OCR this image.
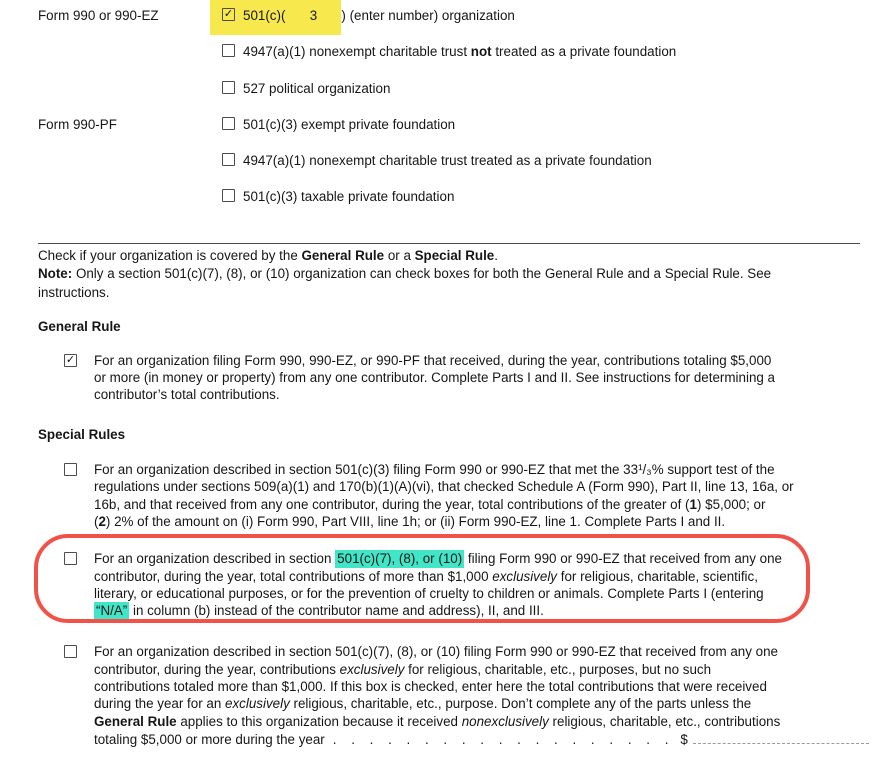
Form 990 or 990-EZ	✓ 501(c)( 3 ) (enter number) organization
4947(a)(1) nonexempt charitable trust not treated as a private foundation
527 political organization
Form 990-PF	501(c)(3) exempt private foundation
4947(a)(1) nonexempt charitable trust treated as a private foundation
501(c)(3) taxable private foundation
Check if your organization is covered by the General Rule or a Special Rule.
Note: Only a section 501(c)(7), (8), or (10) organization can check boxes for both the General Rule and a Special Rule. See
instructions.
General Rule
✓ For an organization filing Form 990, 990-EZ, or 990-PF that received, during the year, contributions totaling $5,000
or more (in money or property) from any one contributor. Complete Parts I and II. See instructions for determining a
contributor’s total contributions.
Special Rules
For an organization described in section 501(c)(3) filing Form 990 or 990-EZ that met the 33¹/₃% support test of the
regulations under sections 509(a)(1) and 170(b)(1)(A)(vi), that checked Schedule A (Form 990), Part II, line 13, 16a, or
16b, and that received from any one contributor, during the year, total contributions of the greater of (1) $5,000; or
(2) 2% of the amount on (i) Form 990, Part VIII, line 1h; or (ii) Form 990-EZ, line 1. Complete Parts I and II.
For an organization described in section 501(c)(7), (8), or (10) filing Form 990 or 990-EZ that received from any one
contributor, during the year, total contributions of more than $1,000 exclusively for religious, charitable, scientific,
literary, or educational purposes, or for the prevention of cruelty to children or animals. Complete Parts I (entering
“N/A” in column (b) instead of the contributor name and address), II, and III.
For an organization described in section 501(c)(7), (8), or (10) filing Form 990 or 990-EZ that received from any one
contributor, during the year, contributions exclusively for religious, charitable, etc., purposes, but no such
contributions totaled more than $1,000. If this box is checked, enter here the total contributions that were received
during the year for an exclusively religious, charitable, etc., purpose. Don’t complete any of the parts unless the
General Rule applies to this organization because it received nonexclusively religious, charitable, etc., contributions
totaling $5,000 or more during the year . . . . . . . . . . . . . . . . . . . $
